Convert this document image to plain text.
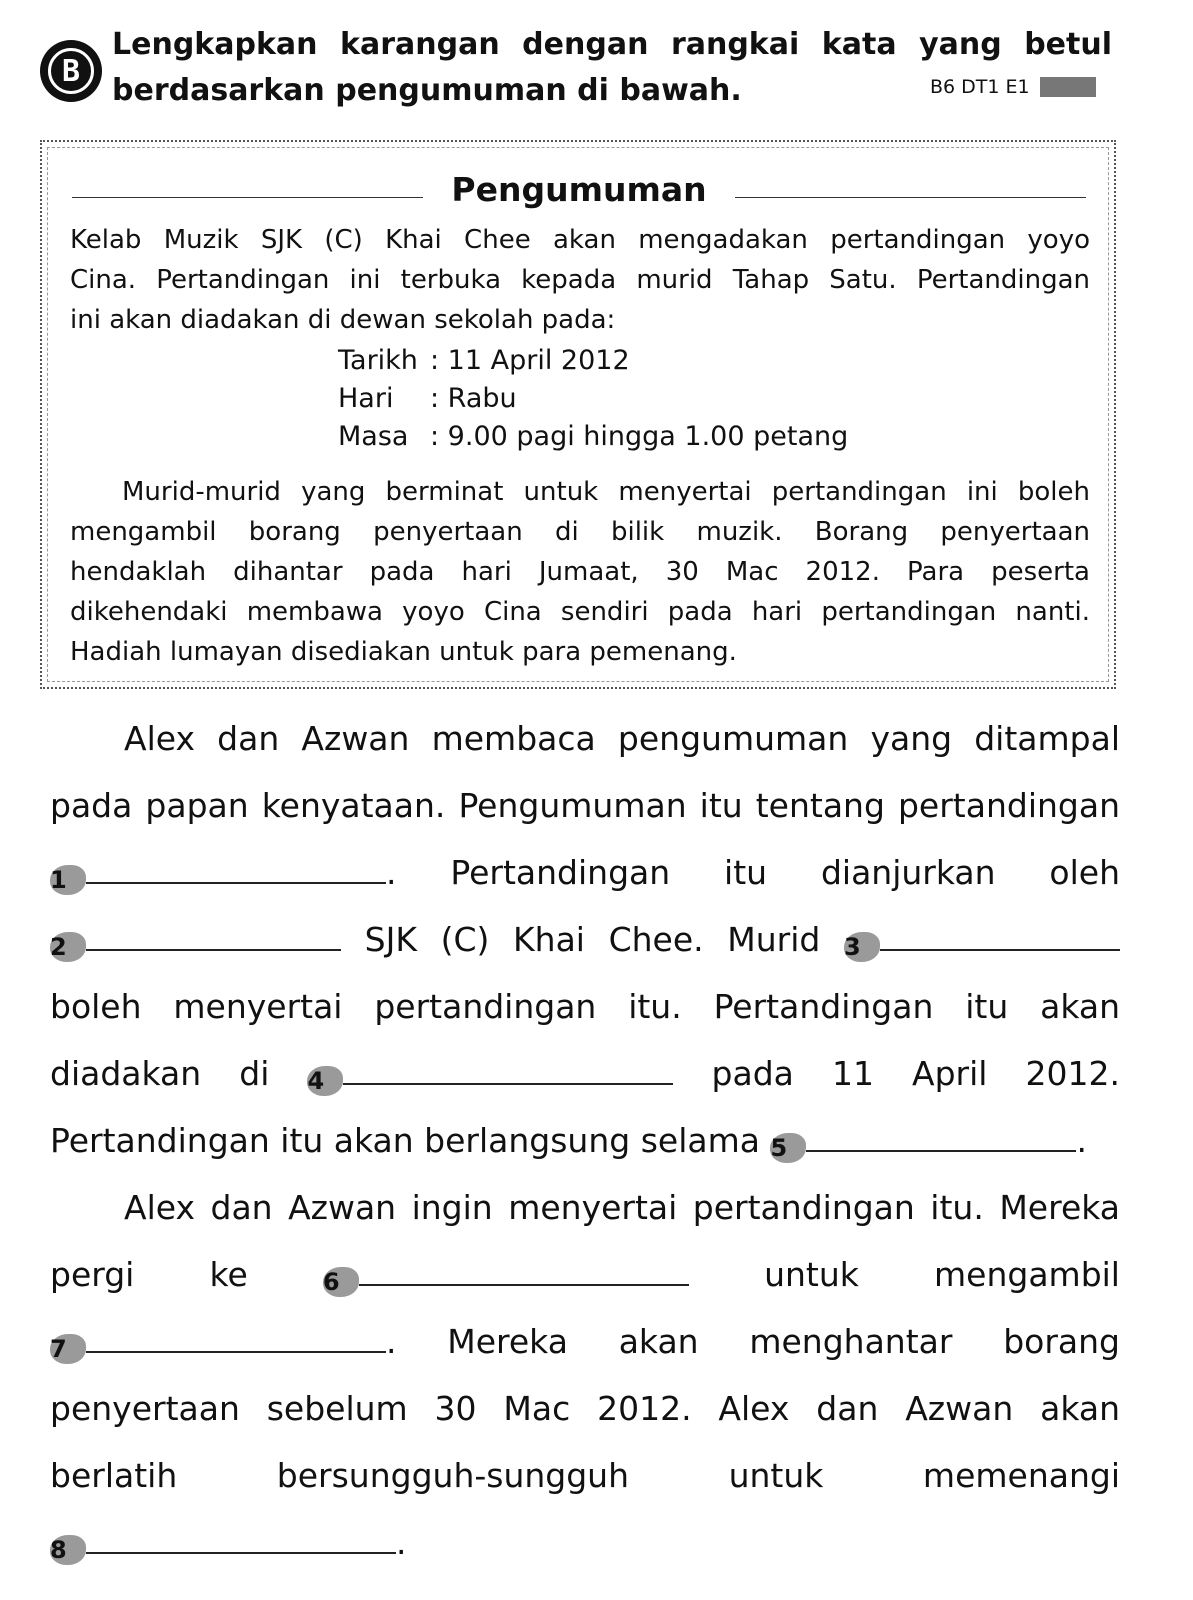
B
Lengkapkan karangan dengan rangkai kata yang betul
berdasarkan pengumuman di bawah.	B6 DT1 E1
Pengumuman

Kelab Muzik SJK (C) Khai Chee akan mengadakan pertandingan yoyo

Cina. Pertandingan ini terbuka kepada murid Tahap Satu. Pertandingan

ini akan diadakan di dewan sekolah pada:

Tarikh : 11 April 2012
Hari	: Rabu
Masa : 9.00 pagi hingga 1.00 petang

Murid-murid yang berminat untuk menyertai pertandingan ini boleh

mengambil borang penyertaan di bilik muzik. Borang penyertaan

hendaklah dihantar pada hari Jumaat, 30 Mac 2012. Para peserta

dikehendaki membawa yoyo Cina sendiri pada hari pertandingan nanti.

Hadiah lumayan disediakan untuk para pemenang.

Alex dan Azwan membaca pengumuman yang ditampal
pada papan kenyataan. Pengumuman itu tentang pertandingan
1	. Pertandingan itu dianjurkan oleh
2	SJK (C) Khai Chee. Murid 3
boleh menyertai pertandingan itu. Pertandingan itu akan
diadakan di 4	pada 11 April 2012.
Pertandingan itu akan berlangsung selama 5	.
Alex dan Azwan ingin menyertai pertandingan itu. Mereka
pergi ke 6	untuk mengambil
7	. Mereka akan menghantar borang
penyertaan sebelum 30 Mac 2012. Alex dan Azwan akan
berlatih bersungguh-sungguh untuk memenangi
8	.
